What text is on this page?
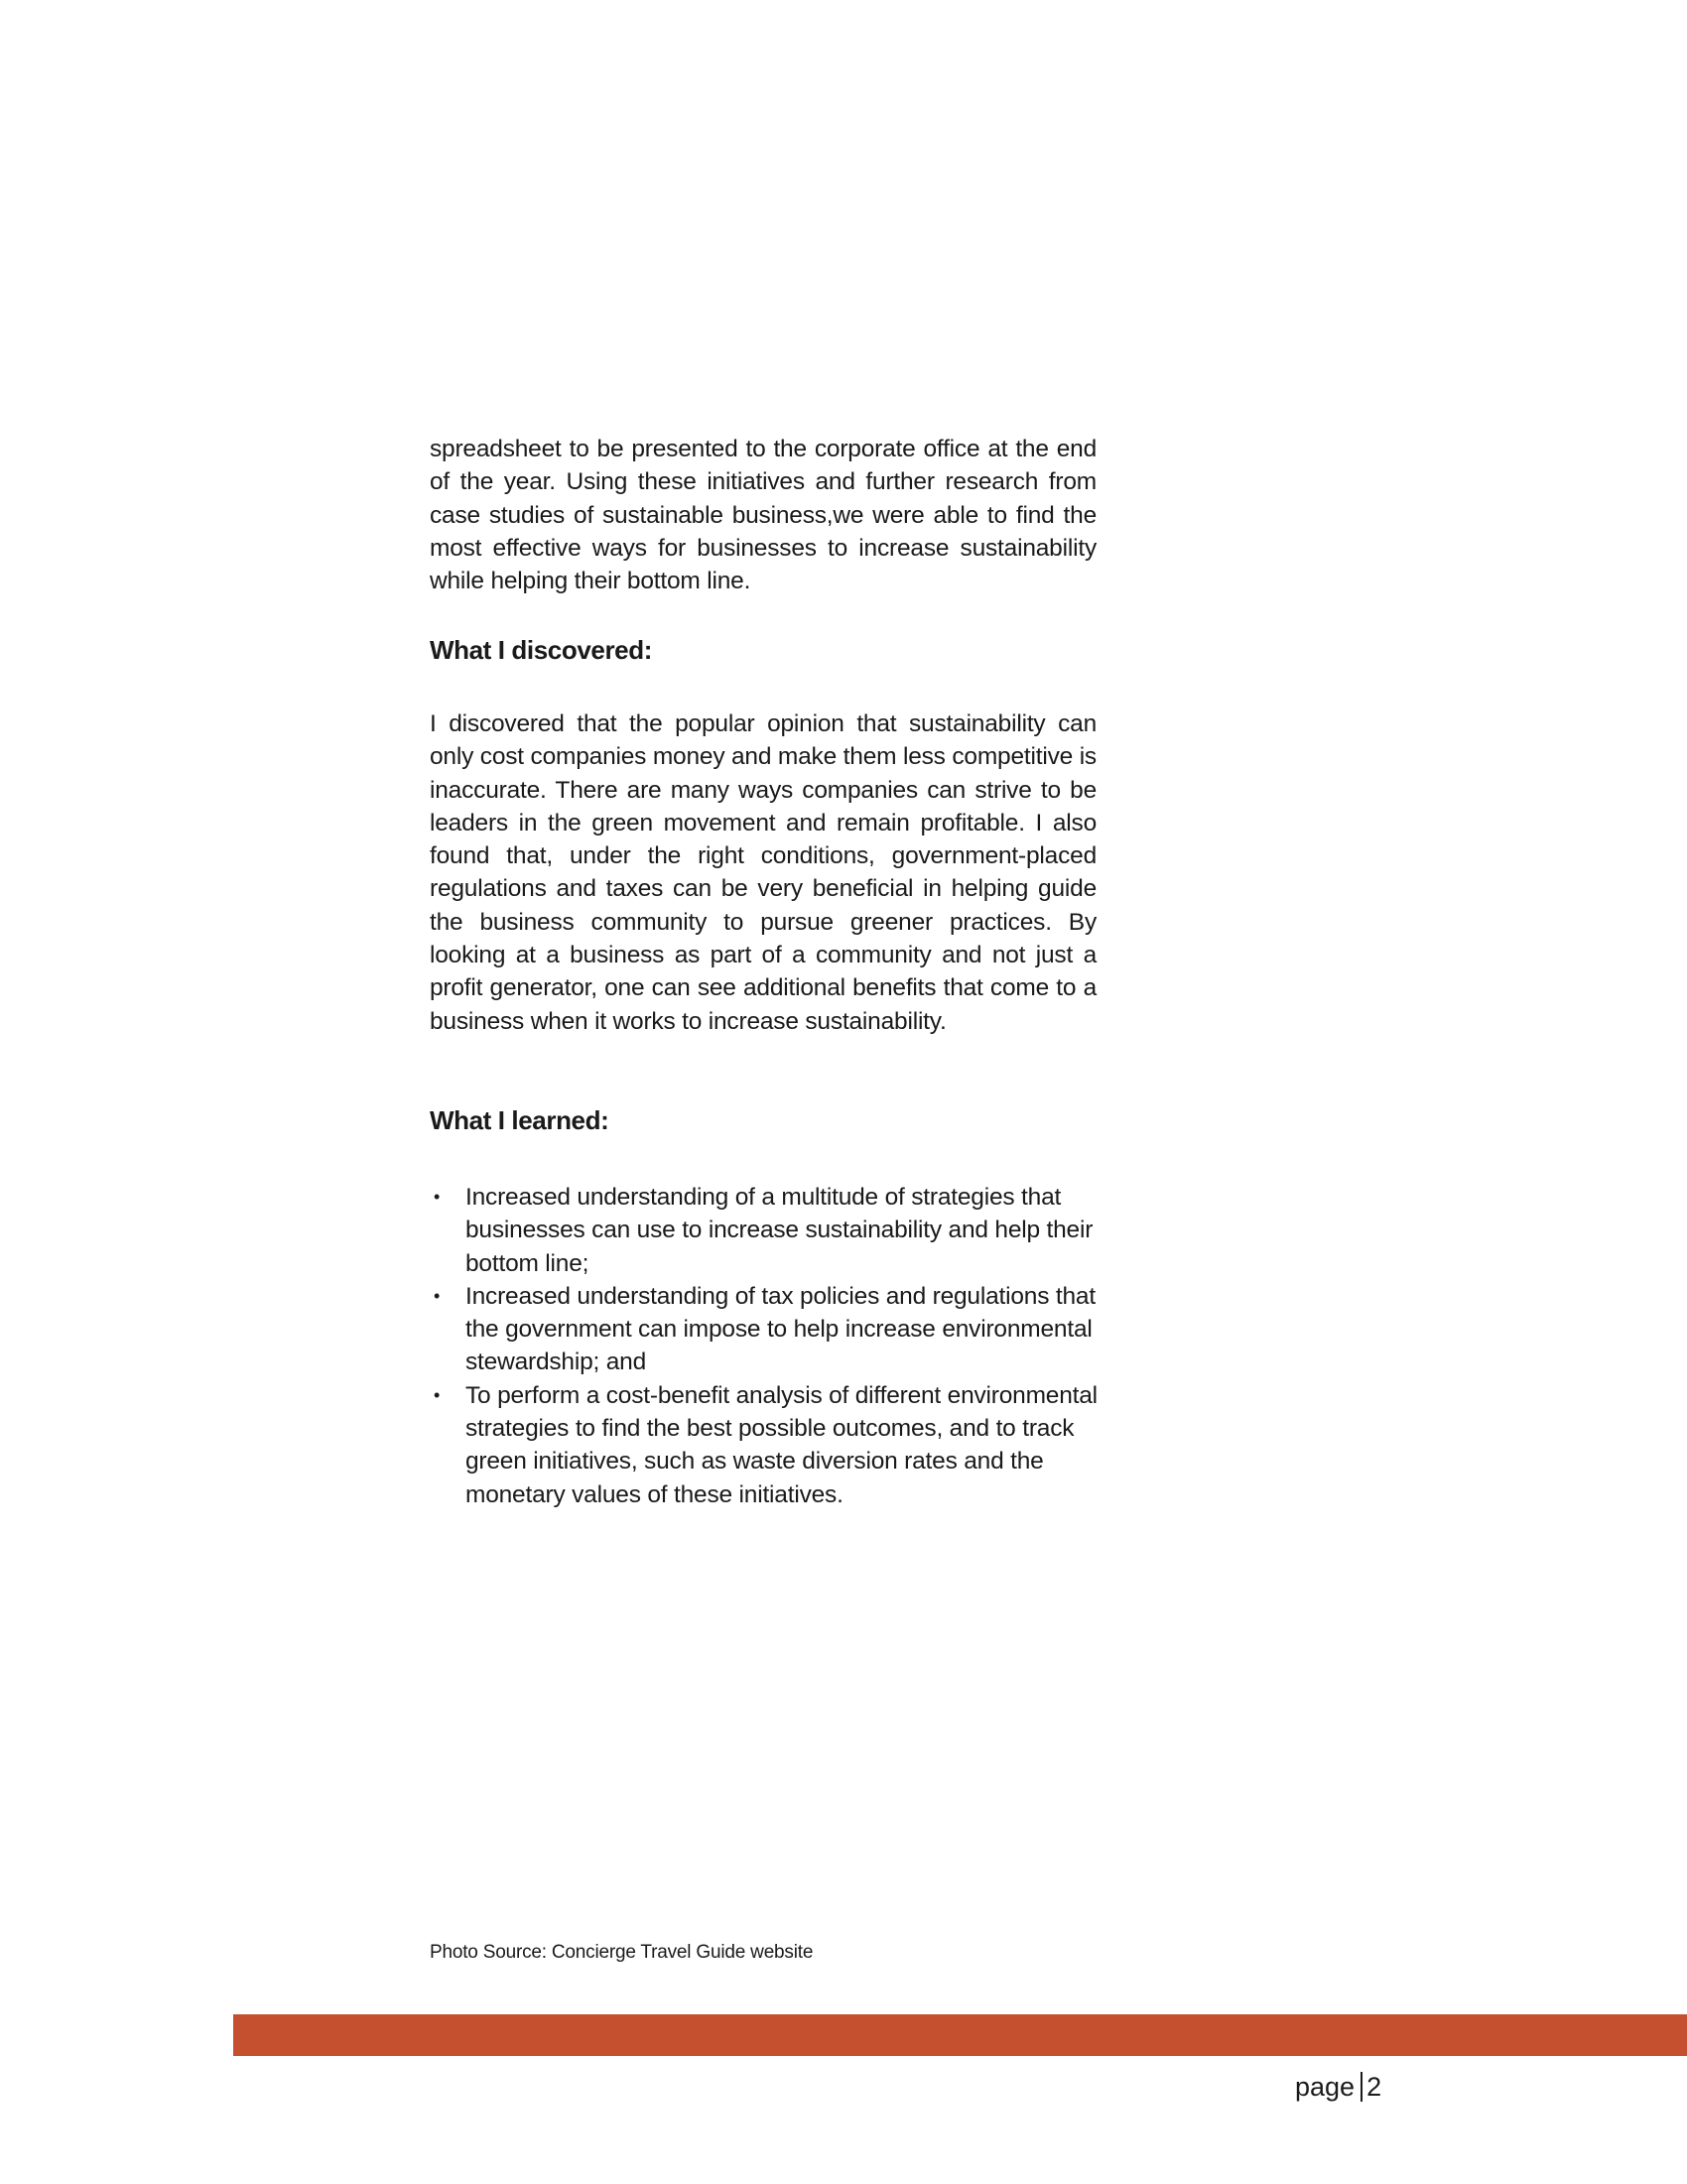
spreadsheet to be presented to the corporate office at the end of the year. Using these initiatives and further research from case studies of sustainable business,we were able to find the most effective ways for businesses to increase sustainability while helping their bottom line.

What I discovered:

I discovered that the popular opinion that sustainability can only cost companies money and make them less competitive is inaccurate. There are many ways companies can strive to be leaders in the green movement and remain profitable. I also found that, under the right conditions, government-placed regulations and taxes can be very beneficial in helping guide the business community to pursue greener practices. By looking at a business as part of a community and not just a profit generator, one can see additional benefits that come to a business when it works to increase sustainability.

What I learned:
• Increased understanding of a multitude of strategies that businesses can use to increase sustainability and help their bottom line;
• Increased understanding of tax policies and regulations that the government can impose to help increase environmental stewardship; and
• To perform a cost-benefit analysis of different environmental strategies to find the best possible outcomes, and to track green initiatives, such as waste diversion rates and the monetary values of these initiatives.
Photo Source: Concierge Travel Guide website
page 2
